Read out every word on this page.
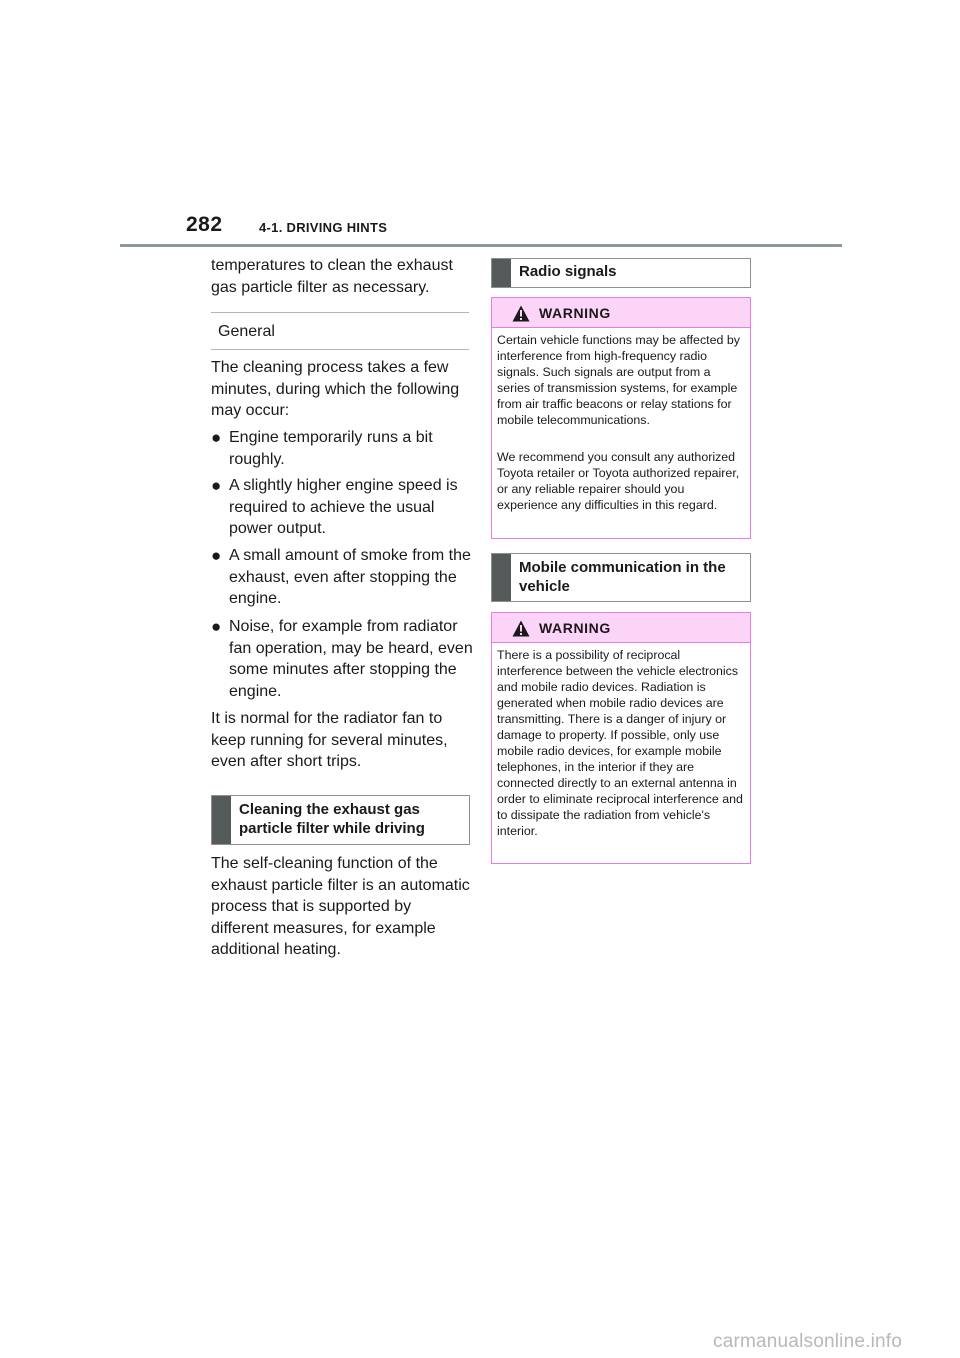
282	4-1. DRIVING HINTS
temperatures to clean the exhaust gas particle filter as necessary.
General
The cleaning process takes a few minutes, during which the following may occur:
● Engine temporarily runs a bit roughly.
● A slightly higher engine speed is required to achieve the usual power output.
● A small amount of smoke from the exhaust, even after stopping the engine.
● Noise, for example from radiator fan operation, may be heard, even some minutes after stopping the engine.
It is normal for the radiator fan to keep running for several minutes, even after short trips.
Cleaning the exhaust gas particle filter while driving
The self-cleaning function of the exhaust particle filter is an automatic process that is supported by different measures, for example additional heating.
Radio signals
WARNING
Certain vehicle functions may be affected by interference from high-frequency radio signals. Such signals are output from a series of transmission systems, for example from air traffic beacons or relay stations for mobile telecommunications.
We recommend you consult any authorized Toyota retailer or Toyota authorized repairer, or any reliable repairer should you experience any difficulties in this regard.
Mobile communication in the vehicle
WARNING
There is a possibility of reciprocal interference between the vehicle electronics and mobile radio devices. Radiation is generated when mobile radio devices are transmitting. There is a danger of injury or damage to property. If possible, only use mobile radio devices, for example mobile telephones, in the interior if they are connected directly to an external antenna in order to eliminate reciprocal interference and to dissipate the radiation from vehicle's interior.
carmanualsonline.info
